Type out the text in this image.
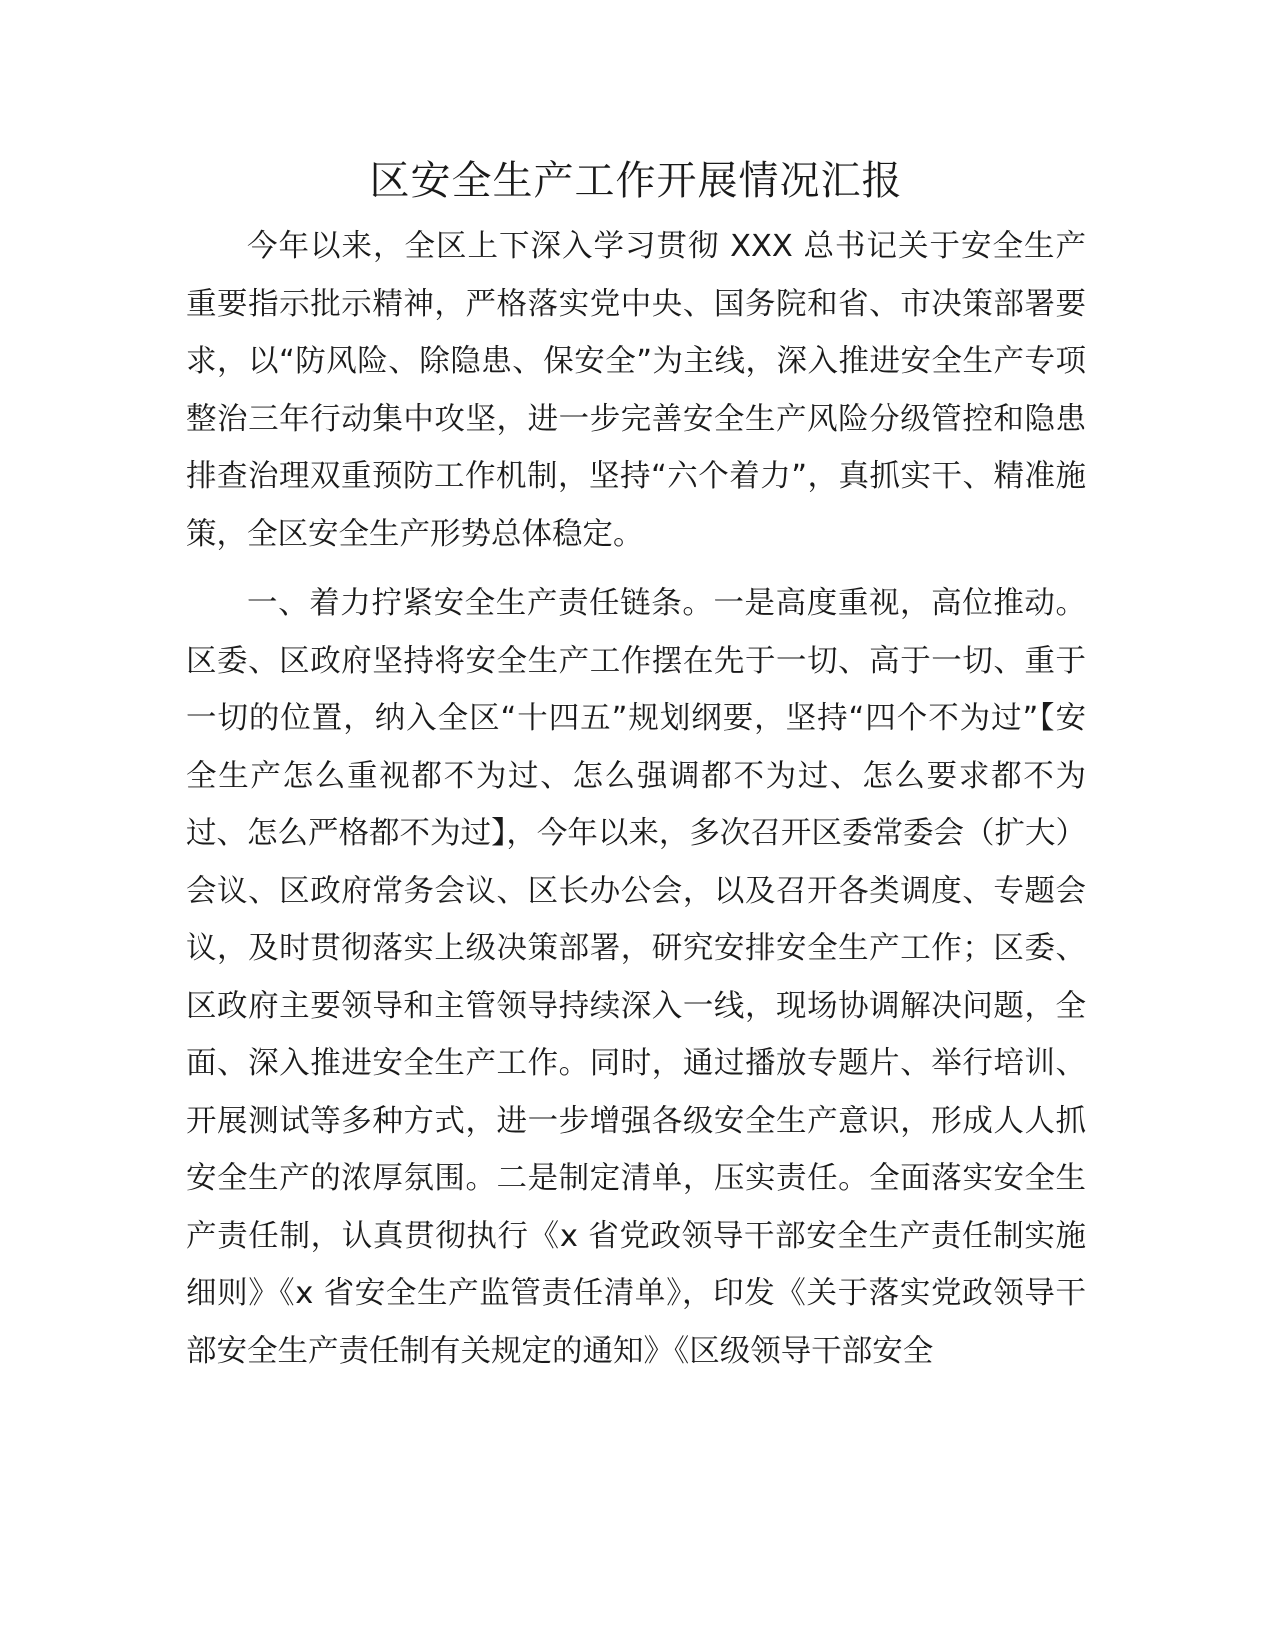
区安全生产工作开展情况汇报

今年以来，全区上下深入学习贯彻 XXX 总书记关于安全生产重要指示批示精神，严格落实党中央、国务院和省、市决策部署要求，以“防风险、除隐患、保安全”为主线，深入推进安全生产专项整治三年行动集中攻坚，进一步完善安全生产风险分级管控和隐患排查治理双重预防工作机制，坚持“六个着力”，真抓实干、精准施策，全区安全生产形势总体稳定。

一、着力拧紧安全生产责任链条。一是高度重视，高位推动。区委、区政府坚持将安全生产工作摆在先于一切、高于一切、重于一切的位置，纳入全区“十四五”规划纲要，坚持“四个不为过”【安全生产怎么重视都不为过、怎么强调都不为过、怎么要求都不为过、怎么严格都不为过】，今年以来，多次召开区委常委会（扩大）会议、区政府常务会议、区长办公会，以及召开各类调度、专题会议，及时贯彻落实上级决策部署，研究安排安全生产工作；区委、区政府主要领导和主管领导持续深入一线，现场协调解决问题，全面、深入推进安全生产工作。同时，通过播放专题片、举行培训、开展测试等多种方式，进一步增强各级安全生产意识，形成人人抓安全生产的浓厚氛围。二是制定清单，压实责任。全面落实安全生产责任制，认真贯彻执行《x 省党政领导干部安全生产责任制实施细则》《x 省安全生产监管责任清单》，印发《关于落实党政领导干部安全生产责任制有关规定的通知》《区级领导干部安全
